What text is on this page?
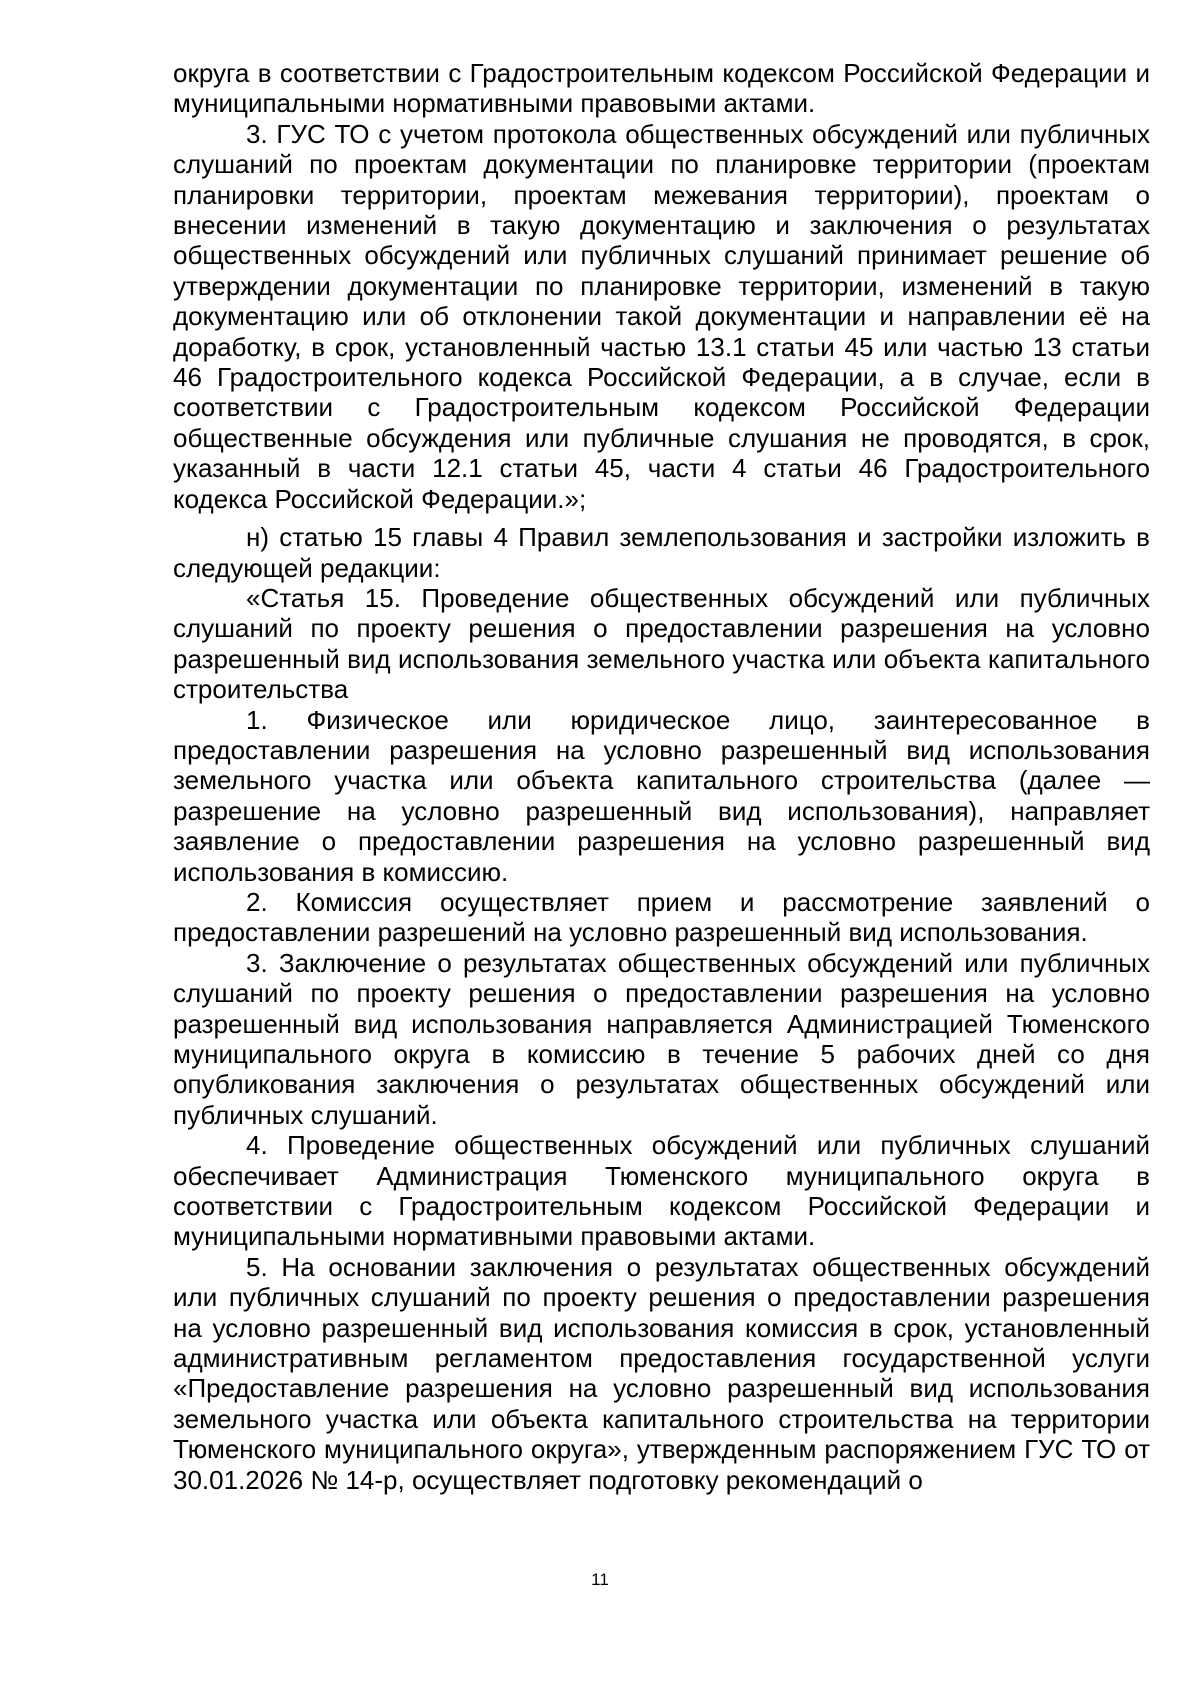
округа в соответствии с Градостроительным кодексом Российской Федерации и муниципальными нормативными правовыми актами.

3. ГУС ТО с учетом протокола общественных обсуждений или публичных слушаний по проектам документации по планировке территории (проектам планировки территории, проектам межевания территории), проектам о внесении изменений в такую документацию и заключения о результатах общественных обсуждений или публичных слушаний принимает решение об утверждении документации по планировке территории, изменений в такую документацию или об отклонении такой документации и направлении её на доработку, в срок, установленный частью 13.1 статьи 45 или частью 13 статьи 46 Градостроительного кодекса Российской Федерации, а в случае, если в соответствии с Градостроительным кодексом Российской Федерации общественные обсуждения или публичные слушания не проводятся, в срок, указанный в части 12.1 статьи 45, части 4 статьи 46 Градостроительного кодекса Российской Федерации.»;

н) статью 15 главы 4 Правил землепользования и застройки изложить в следующей редакции:

«Статья 15. Проведение общественных обсуждений или публичных слушаний по проекту решения о предоставлении разрешения на условно разрешенный вид использования земельного участка или объекта капитального строительства

1. Физическое или юридическое лицо, заинтересованное в предоставлении разрешения на условно разрешенный вид использования земельного участка или объекта капитального строительства (далее — разрешение на условно разрешенный вид использования), направляет заявление о предоставлении разрешения на условно разрешенный вид использования в комиссию.

2. Комиссия осуществляет прием и рассмотрение заявлений о предоставлении разрешений на условно разрешенный вид использования.

3. Заключение о результатах общественных обсуждений или публичных слушаний по проекту решения о предоставлении разрешения на условно разрешенный вид использования направляется Администрацией Тюменского муниципального округа в комиссию в течение 5 рабочих дней со дня опубликования заключения о результатах общественных обсуждений или публичных слушаний.

4. Проведение общественных обсуждений или публичных слушаний обеспечивает Администрация Тюменского муниципального округа в соответствии с Градостроительным кодексом Российской Федерации и муниципальными нормативными правовыми актами.

5. На основании заключения о результатах общественных обсуждений или публичных слушаний по проекту решения о предоставлении разрешения на условно разрешенный вид использования комиссия в срок, установленный административным регламентом предоставления государственной услуги «Предоставление разрешения на условно разрешенный вид использования земельного участка или объекта капитального строительства на территории Тюменского муниципального округа», утвержденным распоряжением ГУС ТО от 30.01.2026 № 14-р, осуществляет подготовку рекомендаций о

11
